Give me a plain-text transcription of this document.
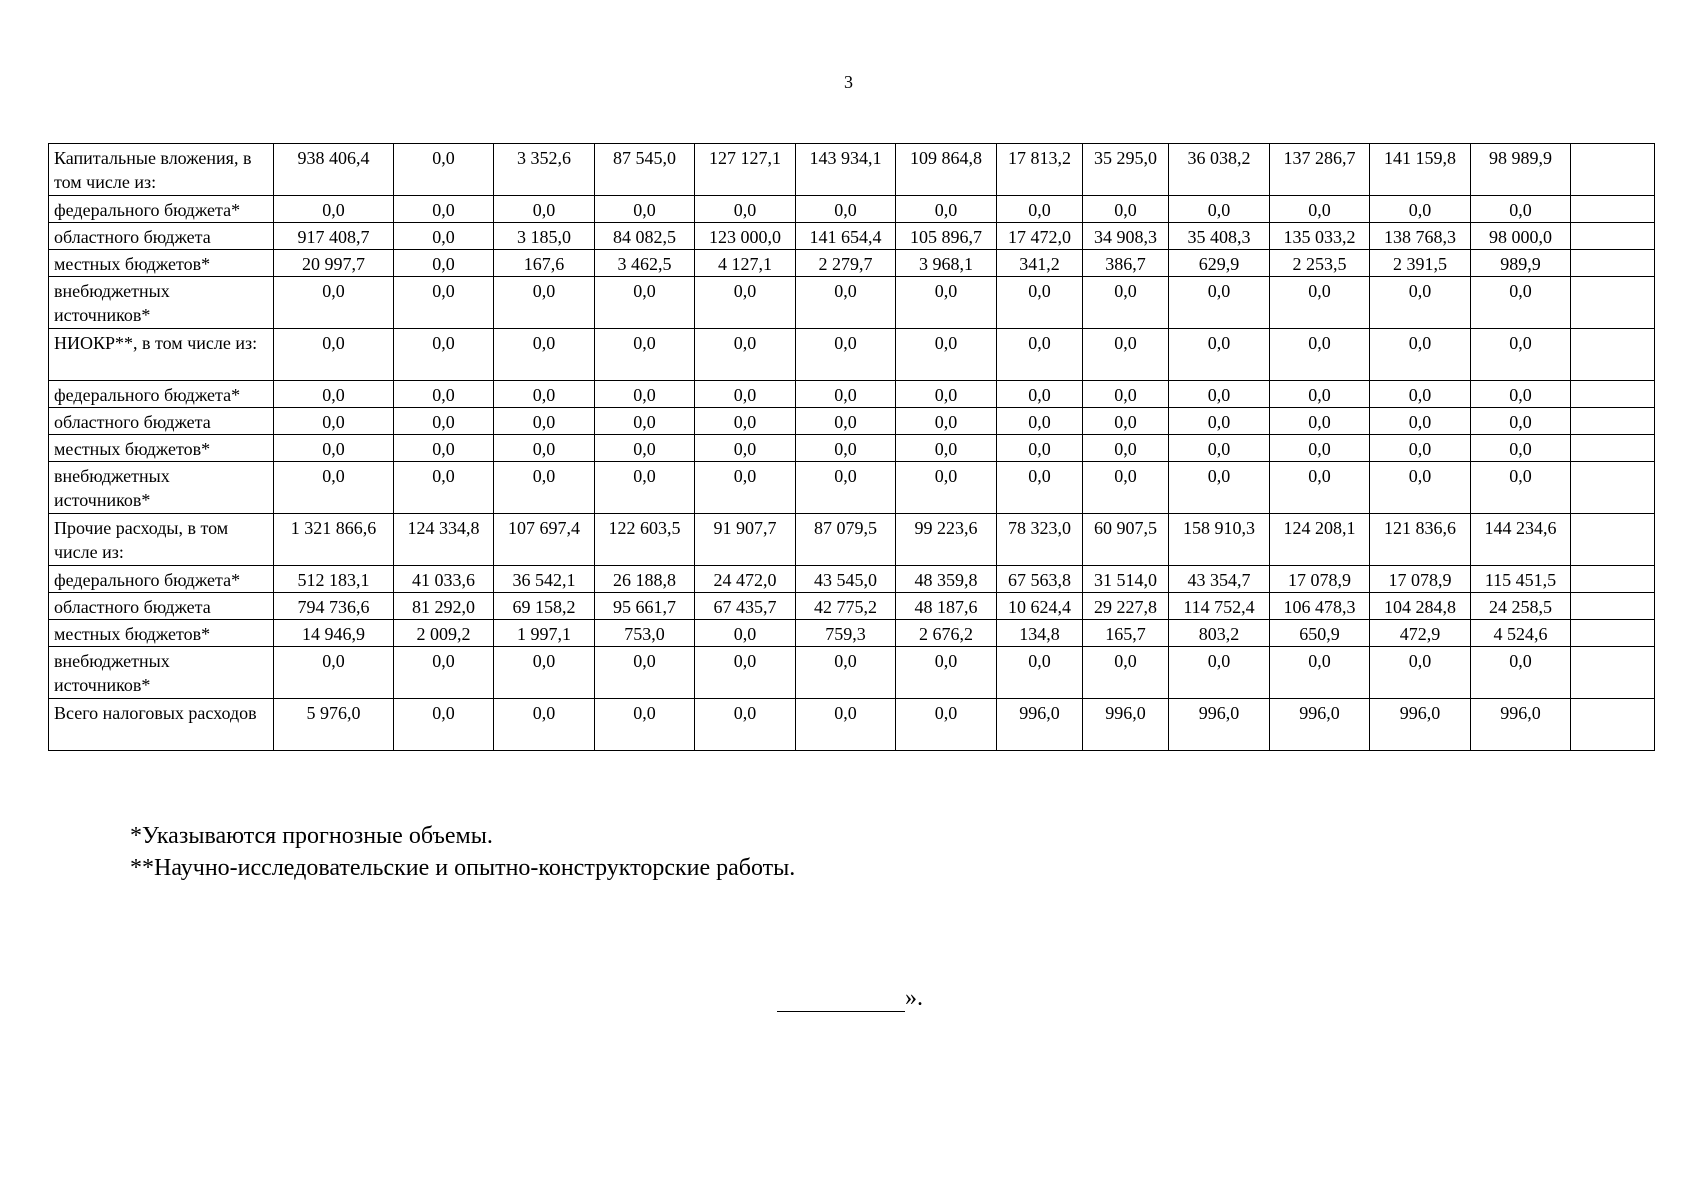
3
Капитальные вложения, в том числе из:	938 406,4	0,0	3 352,6	87 545,0	127 127,1	143 934,1	109 864,8	17 813,2	35 295,0	36 038,2	137 286,7	141 159,8	98 989,9	
федерального бюджета*	0,0	0,0	0,0	0,0	0,0	0,0	0,0	0,0	0,0	0,0	0,0	0,0	0,0	
областного бюджета	917 408,7	0,0	3 185,0	84 082,5	123 000,0	141 654,4	105 896,7	17 472,0	34 908,3	35 408,3	135 033,2	138 768,3	98 000,0	
местных бюджетов*	20 997,7	0,0	167,6	3 462,5	4 127,1	2 279,7	3 968,1	341,2	386,7	629,9	2 253,5	2 391,5	989,9	
внебюджетных источников*	0,0	0,0	0,0	0,0	0,0	0,0	0,0	0,0	0,0	0,0	0,0	0,0	0,0	
НИОКР**, в том числе из:	0,0	0,0	0,0	0,0	0,0	0,0	0,0	0,0	0,0	0,0	0,0	0,0	0,0	
федерального бюджета*	0,0	0,0	0,0	0,0	0,0	0,0	0,0	0,0	0,0	0,0	0,0	0,0	0,0	
областного бюджета	0,0	0,0	0,0	0,0	0,0	0,0	0,0	0,0	0,0	0,0	0,0	0,0	0,0	
местных бюджетов*	0,0	0,0	0,0	0,0	0,0	0,0	0,0	0,0	0,0	0,0	0,0	0,0	0,0	
внебюджетных источников*	0,0	0,0	0,0	0,0	0,0	0,0	0,0	0,0	0,0	0,0	0,0	0,0	0,0	
Прочие расходы, в том числе из:	1 321 866,6	124 334,8	107 697,4	122 603,5	91 907,7	87 079,5	99 223,6	78 323,0	60 907,5	158 910,3	124 208,1	121 836,6	144 234,6	
федерального бюджета*	512 183,1	41 033,6	36 542,1	26 188,8	24 472,0	43 545,0	48 359,8	67 563,8	31 514,0	43 354,7	17 078,9	17 078,9	115 451,5	
областного бюджета	794 736,6	81 292,0	69 158,2	95 661,7	67 435,7	42 775,2	48 187,6	10 624,4	29 227,8	114 752,4	106 478,3	104 284,8	24 258,5	
местных бюджетов*	14 946,9	2 009,2	1 997,1	753,0	0,0	759,3	2 676,2	134,8	165,7	803,2	650,9	472,9	4 524,6	
внебюджетных источников*	0,0	0,0	0,0	0,0	0,0	0,0	0,0	0,0	0,0	0,0	0,0	0,0	0,0	
Всего налоговых расходов	5 976,0	0,0	0,0	0,0	0,0	0,0	0,0	996,0	996,0	996,0	996,0	996,0	996,0	
*Указываются прогнозные объемы.
**Научно-исследовательские и опытно-конструкторские работы.
».
